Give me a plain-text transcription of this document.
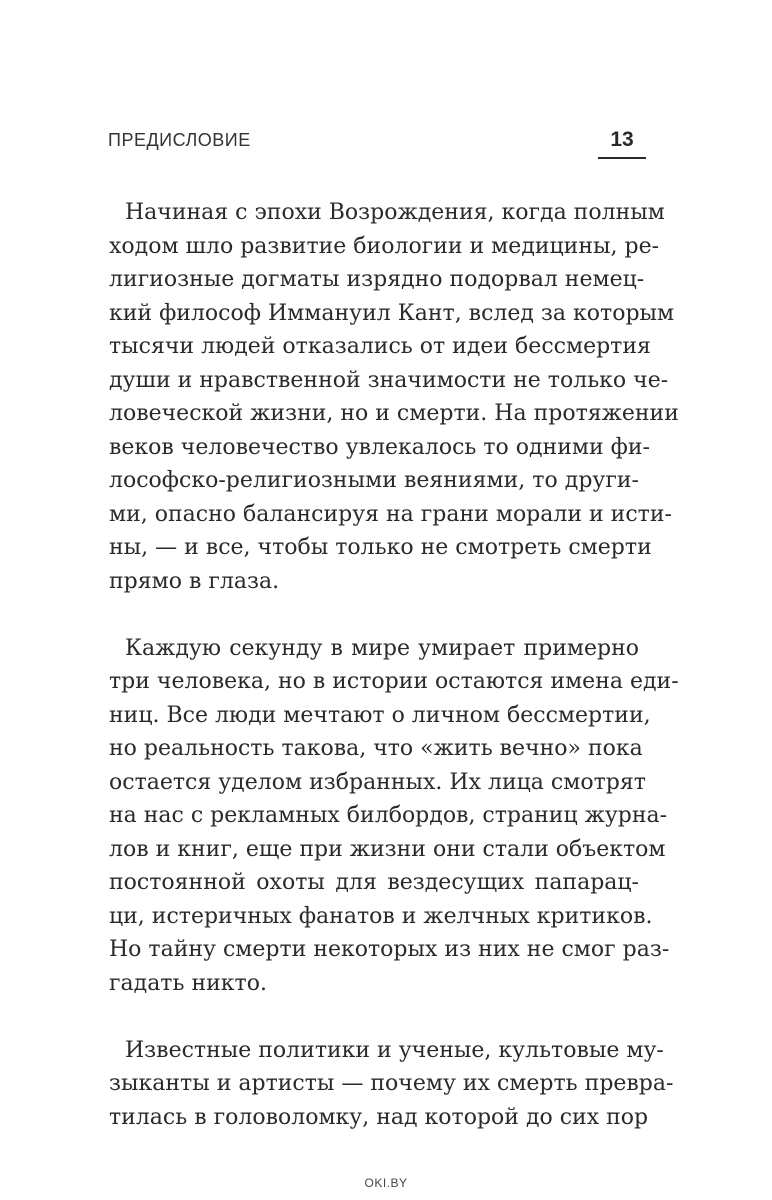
ПРЕДИСЛОВИЕ	13

Начиная с эпохи Возрождения, когда полным
ходом шло развитие биологии и медицины, ре-
лигиозные догматы изрядно подорвал немец-
кий философ Иммануил Кант, вслед за которым
тысячи людей отказались от идеи бессмертия
души и нравственной значимости не только че-
ловеческой жизни, но и смерти. На протяжении
веков человечество увлекалось то одними фи-
лософско-религиозными веяниями, то други-
ми, опасно балансируя на грани морали и исти-
ны, — и все, чтобы только не смотреть смерти
прямо в глаза.

Каждую секунду в мире умирает примерно
три человека, но в истории остаются имена еди-
ниц. Все люди мечтают о личном бессмертии,
но реальность такова, что «жить вечно» пока
остается уделом избранных. Их лица смотрят
на нас с рекламных билбордов, страниц журна-
лов и книг, еще при жизни они стали объектом
постоянной охоты для вездесущих папарац-
ци, истеричных фанатов и желчных критиков.
Но тайну смерти некоторых из них не смог раз-
гадать никто.

Известные политики и ученые, культовые му-
зыканты и артисты — почему их смерть превра-
тилась в головоломку, над которой до сих пор

OKI.BY
